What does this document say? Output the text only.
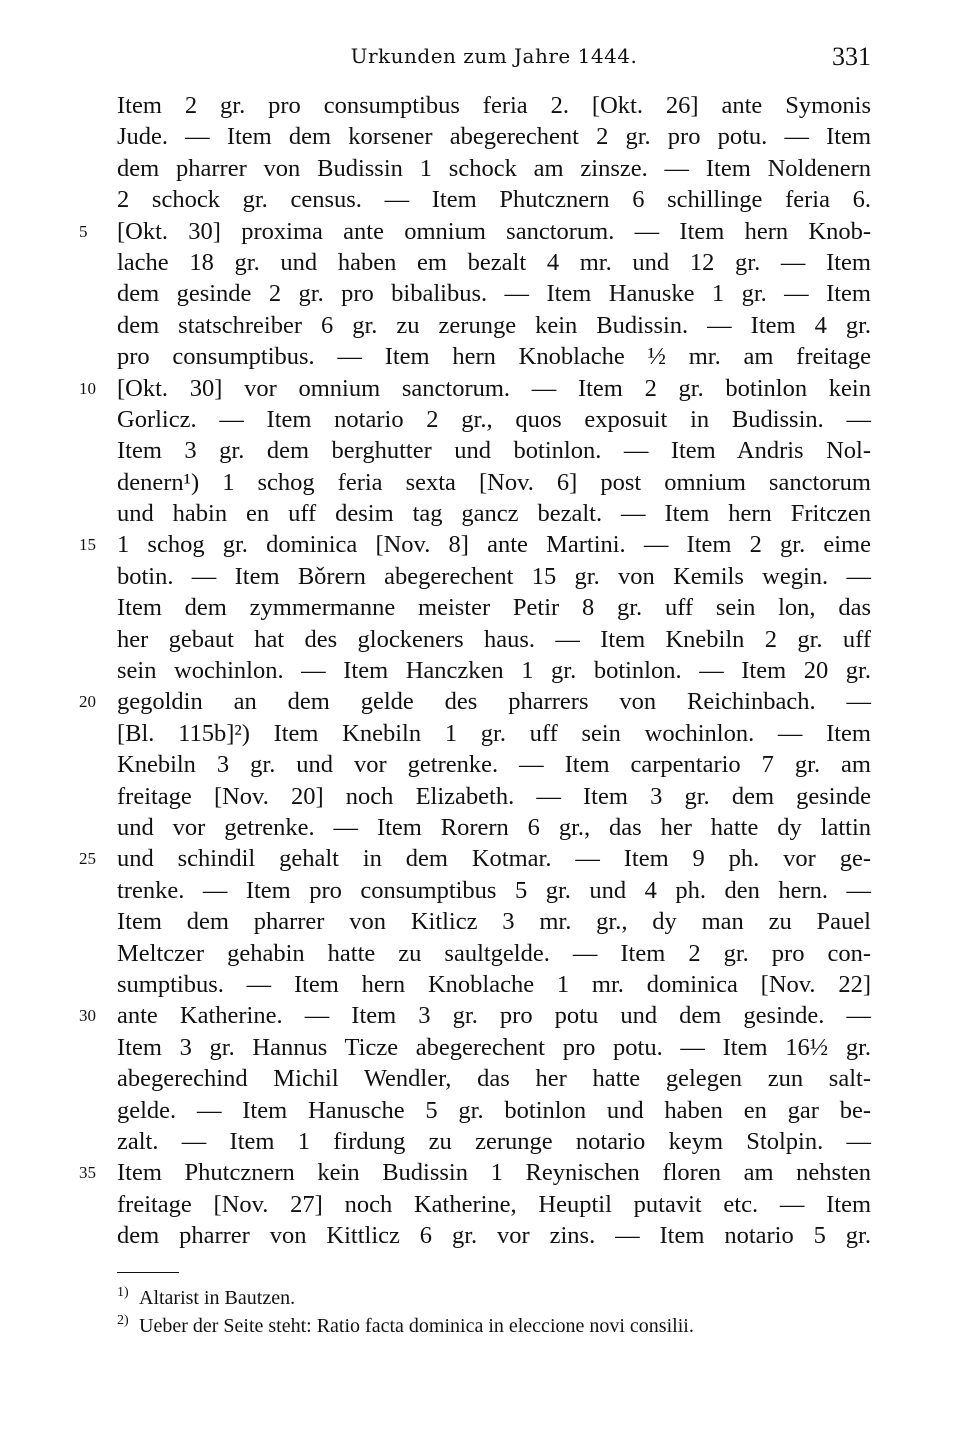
Urkunden zum Jahre 1444.	331
Item 2 gr. pro consumptibus feria 2. [Okt. 26] ante Symonis
Jude. — Item dem korsener abegerechent 2 gr. pro potu. — Item
dem pharrer von Budissin 1 schock am zinsze. — Item Noldenern
2 schock gr. census. — Item Phutcznern 6 schillinge feria 6.
5	[Okt. 30] proxima ante omnium sanctorum. — Item hern Knob-
lache 18 gr. und haben em bezalt 4 mr. und 12 gr. — Item
dem gesinde 2 gr. pro bibalibus. — Item Hanuske 1 gr. — Item
dem statschreiber 6 gr. zu zerunge kein Budissin. — Item 4 gr.
pro consumptibus. — Item hern Knoblache ½ mr. am freitage
10 [Okt. 30] vor omnium sanctorum. — Item 2 gr. botinlon kein
Gorlicz. — Item notario 2 gr., quos exposuit in Budissin. —
Item 3 gr. dem berghutter und botinlon. — Item Andris Nol-
denern¹) 1 schog feria sexta [Nov. 6] post omnium sanctorum
und habin en uff desim tag gancz bezalt. — Item hern Fritczen
15 1 schog gr. dominica [Nov. 8] ante Martini. — Item 2 gr. eime
botin. — Item Bǒrern abegerechent 15 gr. von Kemils wegin. —
Item dem zymmermanne meister Petir 8 gr. uff sein lon, das
her gebaut hat des glockeners haus. — Item Knebiln 2 gr. uff
sein wochinlon. — Item Hanczken 1 gr. botinlon. — Item 20 gr.
20 gegoldin an dem gelde des pharrers von Reichinbach. —
[Bl. 115b]²) Item Knebiln 1 gr. uff sein wochinlon. — Item
Knebiln 3 gr. und vor getrenke. — Item carpentario 7 gr. am
freitage [Nov. 20] noch Elizabeth. — Item 3 gr. dem gesinde
und vor getrenke. — Item Rorern 6 gr., das her hatte dy lattin
25 und schindil gehalt in dem Kotmar. — Item 9 ph. vor ge-
trenke. — Item pro consumptibus 5 gr. und 4 ph. den hern. —
Item dem pharrer von Kitlicz 3 mr. gr., dy man zu Pauel
Meltczer gehabin hatte zu saultgelde. — Item 2 gr. pro con-
sumptibus. — Item hern Knoblache 1 mr. dominica [Nov. 22]
30 ante Katherine. — Item 3 gr. pro potu und dem gesinde. —
Item 3 gr. Hannus Ticze abegerechent pro potu. — Item 16½ gr.
abegerechind Michil Wendler, das her hatte gelegen zun salt-
gelde. — Item Hanusche 5 gr. botinlon und haben en gar be-
zalt. — Item 1 firdung zu zerunge notario keym Stolpin. —
35 Item Phutcznern kein Budissin 1 Reynischen floren am nehsten
freitage [Nov. 27] noch Katherine, Heuptil putavit etc. — Item
dem pharrer von Kittlicz 6 gr. vor zins. — Item notario 5 gr.
1) Altarist in Bautzen.
2) Ueber der Seite steht: Ratio facta dominica in eleccione novi consilii.
